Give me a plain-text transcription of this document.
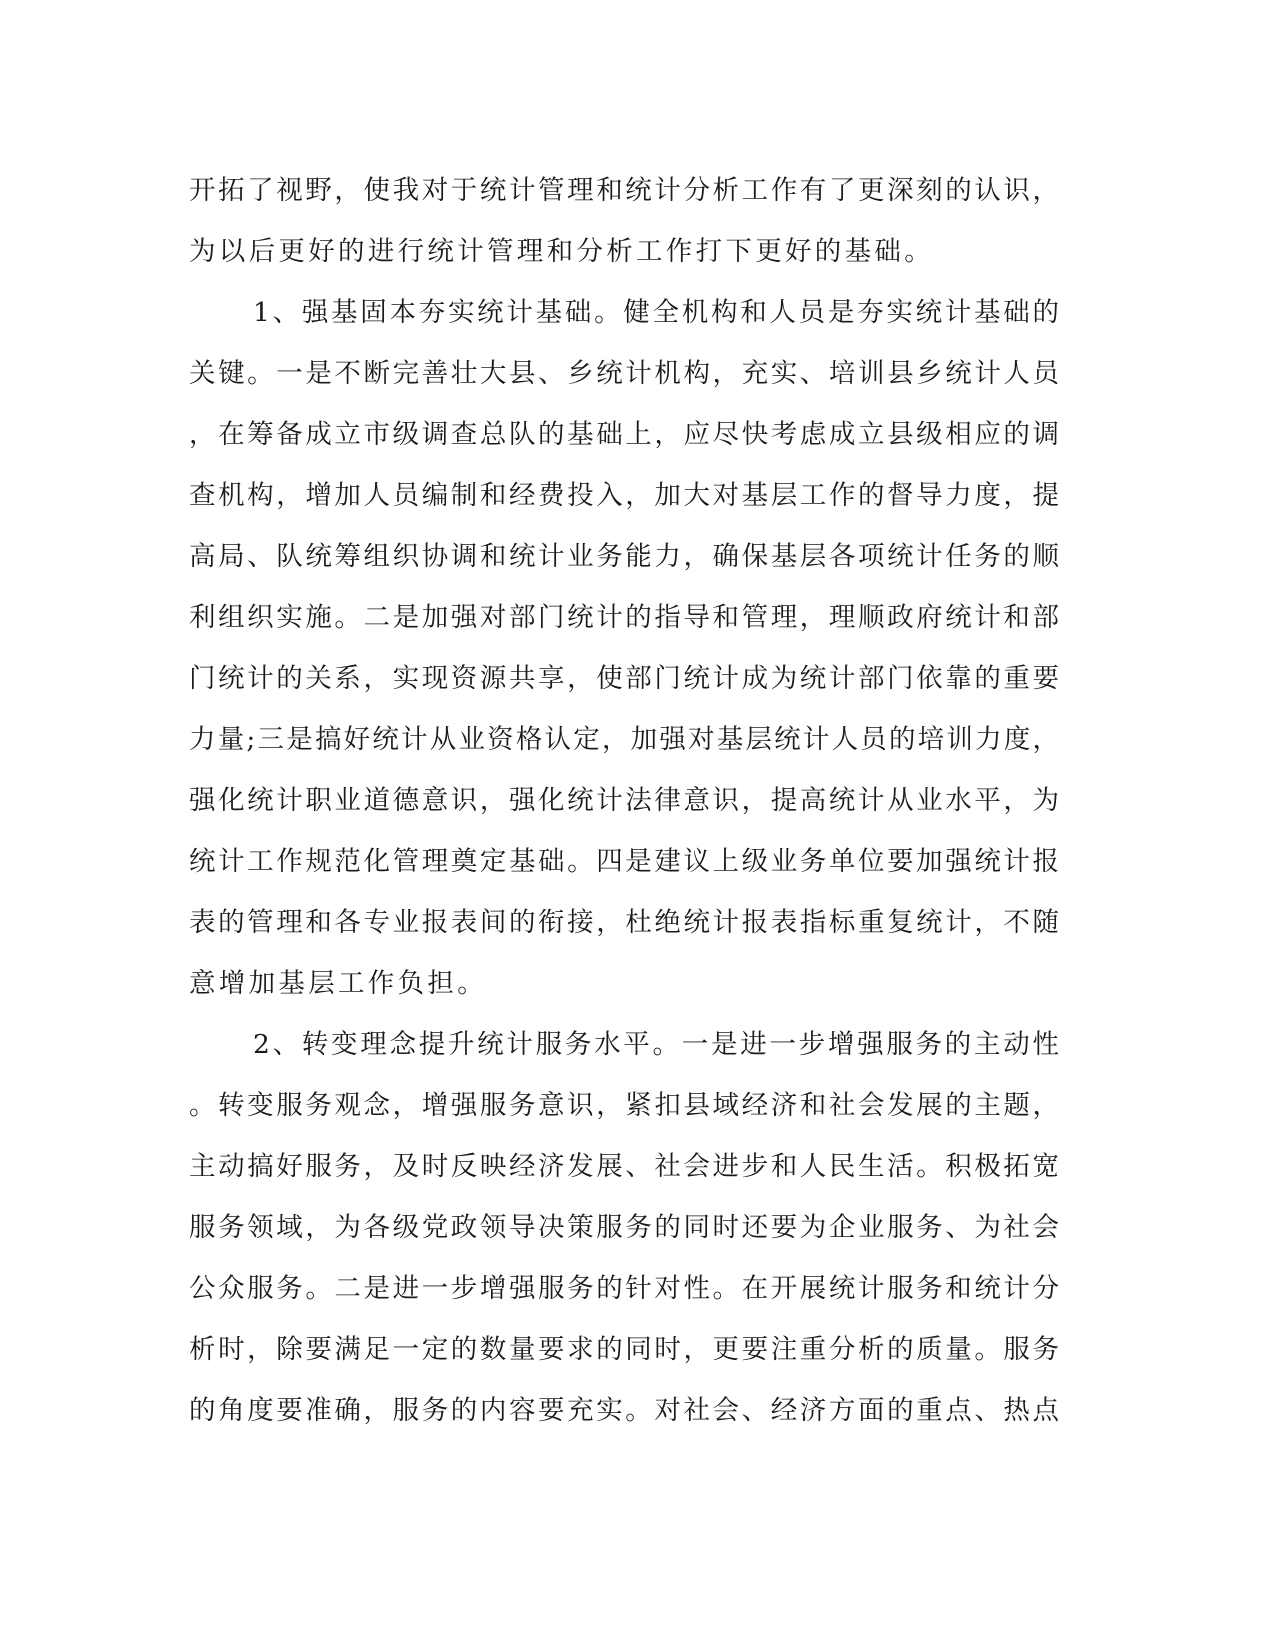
开拓了视野，使我对于统计管理和统计分析工作有了更深刻的认识，
为以后更好的进行统计管理和分析工作打下更好的基础。
1、强基固本夯实统计基础。健全机构和人员是夯实统计基础的
关键。一是不断完善壮大县、乡统计机构，充实、培训县乡统计人员
，在筹备成立市级调查总队的基础上，应尽快考虑成立县级相应的调
查机构，增加人员编制和经费投入，加大对基层工作的督导力度，提
高局、队统筹组织协调和统计业务能力，确保基层各项统计任务的顺
利组织实施。二是加强对部门统计的指导和管理，理顺政府统计和部
门统计的关系，实现资源共享，使部门统计成为统计部门依靠的重要
力量;三是搞好统计从业资格认定，加强对基层统计人员的培训力度，
强化统计职业道德意识，强化统计法律意识，提高统计从业水平，为
统计工作规范化管理奠定基础。四是建议上级业务单位要加强统计报
表的管理和各专业报表间的衔接，杜绝统计报表指标重复统计，不随
意增加基层工作负担。
2、转变理念提升统计服务水平。一是进一步增强服务的主动性
。转变服务观念，增强服务意识，紧扣县域经济和社会发展的主题，
主动搞好服务，及时反映经济发展、社会进步和人民生活。积极拓宽
服务领域，为各级党政领导决策服务的同时还要为企业服务、为社会
公众服务。二是进一步增强服务的针对性。在开展统计服务和统计分
析时，除要满足一定的数量要求的同时，更要注重分析的质量。服务
的角度要准确，服务的内容要充实。对社会、经济方面的重点、热点
